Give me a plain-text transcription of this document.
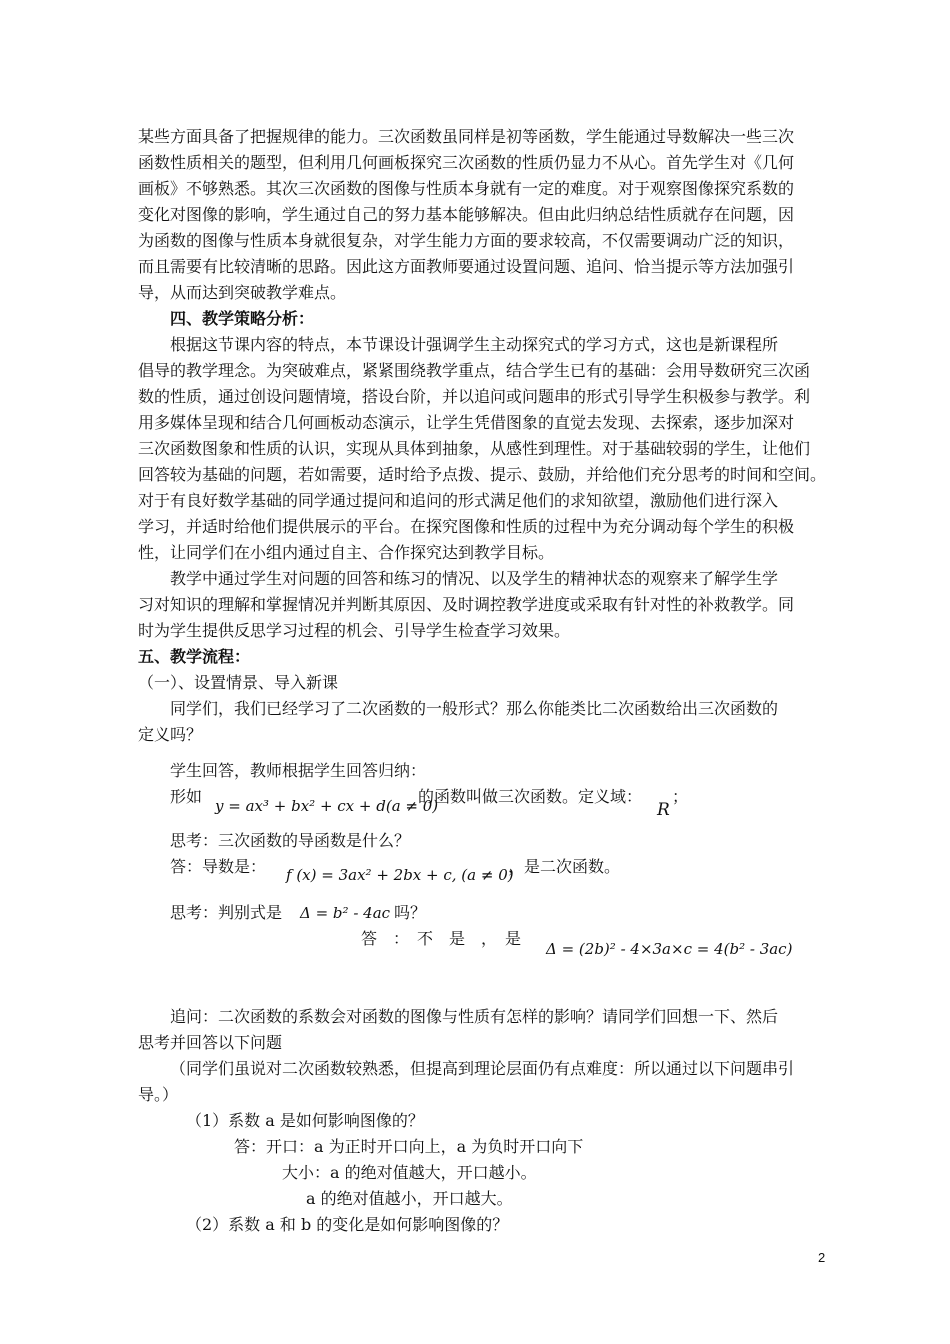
某些方面具备了把握规律的能力。三次函数虽同样是初等函数，学生能通过导数解决一些三次
函数性质相关的题型，但利用几何画板探究三次函数的性质仍显力不从心。首先学生对《几何
画板》不够熟悉。其次三次函数的图像与性质本身就有一定的难度。对于观察图像探究系数的
变化对图像的影响，学生通过自己的努力基本能够解决。但由此归纳总结性质就存在问题，因
为函数的图像与性质本身就很复杂，对学生能力方面的要求较高，不仅需要调动广泛的知识，
而且需要有比较清晰的思路。因此这方面教师要通过设置问题、追问、恰当提示等方法加强引
导，从而达到突破教学难点。
四、教学策略分析：
根据这节课内容的特点，本节课设计强调学生主动探究式的学习方式，这也是新课程所
倡导的教学理念。为突破难点，紧紧围绕教学重点，结合学生已有的基础：会用导数研究三次函
数的性质，通过创设问题情境，搭设台阶，并以追问或问题串的形式引导学生积极参与教学。利
用多媒体呈现和结合几何画板动态演示，让学生凭借图象的直觉去发现、去探索，逐步加深对
三次函数图象和性质的认识，实现从具体到抽象，从感性到理性。对于基础较弱的学生，让他们
回答较为基础的问题，若如需要，适时给予点拨、提示、鼓励，并给他们充分思考的时间和空间。
对于有良好数学基础的同学通过提问和追问的形式满足他们的求知欲望，激励他们进行深入
学习，并适时给他们提供展示的平台。在探究图像和性质的过程中为充分调动每个学生的积极
性，让同学们在小组内通过自主、合作探究达到教学目标。
教学中通过学生对问题的回答和练习的情况、以及学生的精神状态的观察来了解学生学
习对知识的理解和掌握情况并判断其原因、及时调控教学进度或采取有针对性的补救教学。同
时为学生提供反思学习过程的机会、引导学生检查学习效果。
五、教学流程：
（一）、设置情景、导入新课
同学们，我们已经学习了二次函数的一般形式？那么你能类比二次函数给出三次函数的
定义吗？
学生回答，教师根据学生回答归纳：
形如 y = ax³ + bx² + cx + d(a ≠ 0)
的函数叫做三次函数。定义域：
R
；
思考：三次函数的导函数是什么？
答：导数是： f (x) = 3ax² + 2bx + c, (a ≠ 0)
，是二次函数。
思考：判别式是 Δ = b² - 4ac 吗？
答　：　不　是　，　是
Δ = (2b)² - 4×3a×c = 4(b² - 3ac)
追问：二次函数的系数会对函数的图像与性质有怎样的影响？请同学们回想一下、然后
思考并回答以下问题
（同学们虽说对二次函数较熟悉，但提高到理论层面仍有点难度：所以通过以下问题串引
导。）
（1）系数 a 是如何影响图像的？
答：开口：a 为正时开口向上，a 为负时开口向下
大小：a 的绝对值越大，开口越小。
a 的绝对值越小，开口越大。
（2）系数 a 和 b 的变化是如何影响图像的？
2
